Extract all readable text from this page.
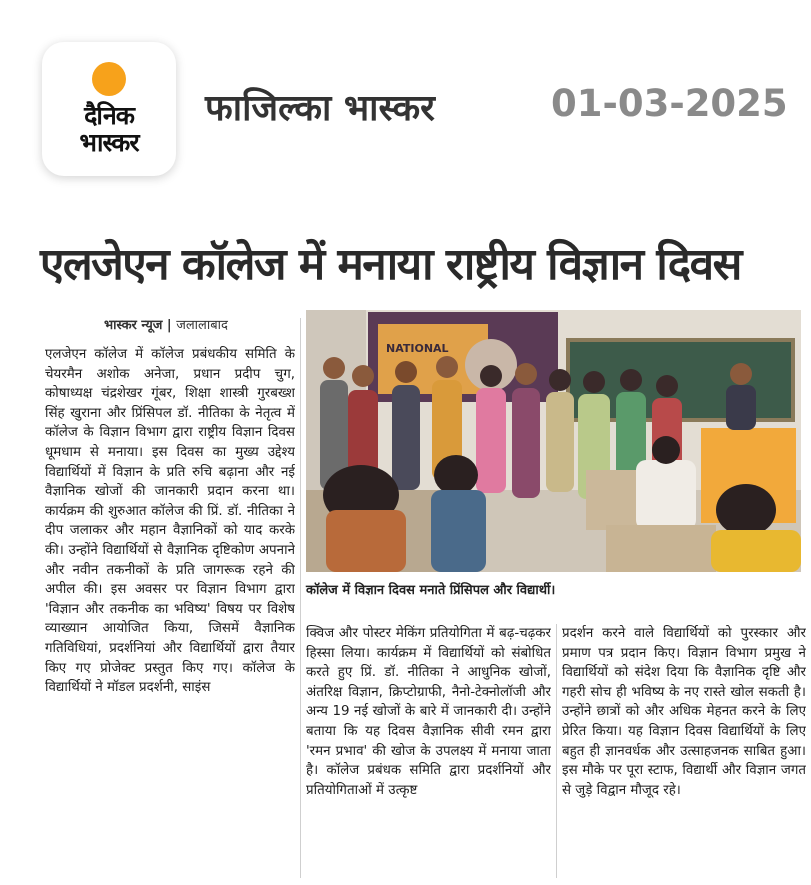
दैनिक
भास्कर
फाजिल्का भास्कर	01-03-2025
एलजेएन कॉलेज में मनाया राष्ट्रीय विज्ञान दिवस
भास्कर न्यूज | जलालाबाद
एलजेएन कॉलेज में कॉलेज प्रबंधकीय समिति के चेयरमैन अशोक अनेजा, प्रधान प्रदीप चुग, कोषाध्यक्ष चंद्रशेखर गूंबर, शिक्षा शास्त्री गुरबख्श सिंह खुराना और प्रिंसिपल डॉ. नीतिका के नेतृत्व में कॉलेज के विज्ञान विभाग द्वारा राष्ट्रीय विज्ञान दिवस धूमधाम से मनाया। इस दिवस का मुख्य उद्देश्य विद्यार्थियों में विज्ञान के प्रति रुचि बढ़ाना और नई वैज्ञानिक खोजों की जानकारी प्रदान करना था। कार्यक्रम की शुरुआत कॉलेज की प्रिं. डॉ. नीतिका ने दीप जलाकर और महान वैज्ञानिकों को याद करके की। उन्होंने विद्यार्थियों से वैज्ञानिक दृष्टिकोण अपनाने और नवीन तकनीकों के प्रति जागरूक रहने की अपील की। इस अवसर पर विज्ञान विभाग द्वारा 'विज्ञान और तकनीक का भविष्य' विषय पर विशेष व्याख्यान आयोजित किया, जिसमें वैज्ञानिक गतिविधियां, प्रदर्शनियां और विद्यार्थियों द्वारा तैयार किए गए प्रोजेक्ट प्रस्तुत किए गए। कॉलेज के विद्यार्थियों ने मॉडल प्रदर्शनी, साइंस
क्विज और पोस्टर मेकिंग प्रतियोगिता में बढ़-चढ़कर हिस्सा लिया। कार्यक्रम में विद्यार्थियों को संबोधित करते हुए प्रिं. डॉ. नीतिका ने आधुनिक खोजों, अंतरिक्ष विज्ञान, क्रिप्टोग्राफी, नैनो-टेक्नोलॉजी और अन्य 19 नई खोजों के बारे में जानकारी दी। उन्होंने बताया कि यह दिवस वैज्ञानिक सीवी रमन द्वारा 'रमन प्रभाव' की खोज के उपलक्ष्य में मनाया जाता है। कॉलेज प्रबंधक समिति द्वारा प्रदर्शनियों और प्रतियोगिताओं में उत्कृष्ट
प्रदर्शन करने वाले विद्यार्थियों को पुरस्कार और प्रमाण पत्र प्रदान किए। विज्ञान विभाग प्रमुख ने विद्यार्थियों को संदेश दिया कि वैज्ञानिक दृष्टि और गहरी सोच ही भविष्य के नए रास्ते खोल सकती है। उन्होंने छात्रों को और अधिक मेहनत करने के लिए प्रेरित किया। यह विज्ञान दिवस विद्यार्थियों के लिए बहुत ही ज्ञानवर्धक और उत्साहजनक साबित हुआ। इस मौके पर पूरा स्टाफ, विद्यार्थी और विज्ञान जगत से जुड़े विद्वान मौजूद रहे।
NATIONAL
कॉलेज में विज्ञान दिवस मनाते प्रिंसिपल और विद्यार्थी।
